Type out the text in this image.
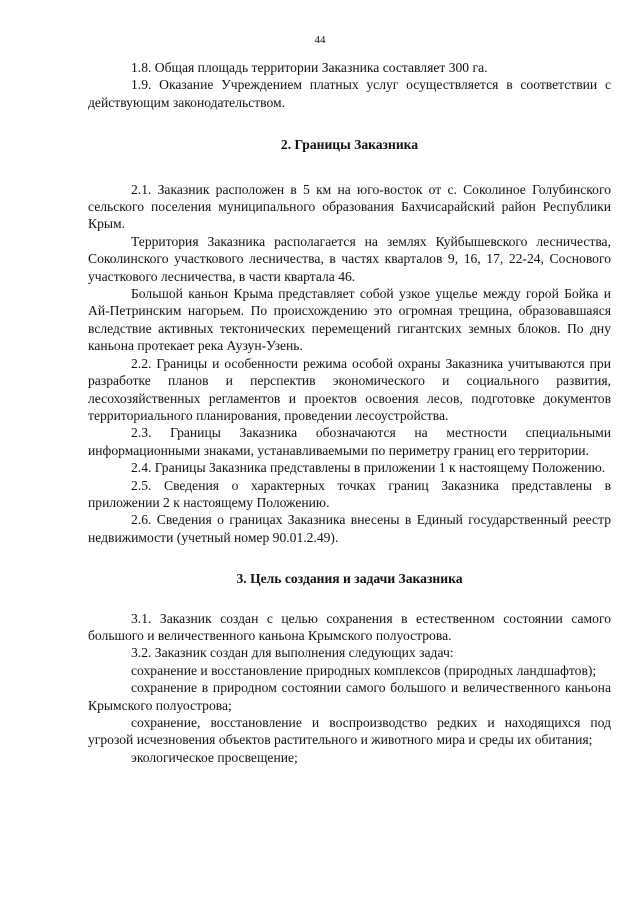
44

1.8. Общая площадь территории Заказника составляет 300 га.

1.9. Оказание Учреждением платных услуг осуществляется в соответствии с действующим законодательством.

2. Границы Заказника

2.1. Заказник расположен в 5 км на юго-восток от с. Соколиное Голубинского сельского поселения муниципального образования Бахчисарайский район Республики Крым.

Территория Заказника располагается на землях Куйбышевского лесничества, Соколинского участкового лесничества, в частях кварталов 9, 16, 17, 22-24, Соснового участкового лесничества, в части квартала 46.

Большой каньон Крыма представляет собой узкое ущелье между горой Бойка и Ай-Петринским нагорьем. По происхождению это огромная трещина, образовавшаяся вследствие активных тектонических перемещений гигантских земных блоков. По дну каньона протекает река Аузун-Узень.

2.2. Границы и особенности режима особой охраны Заказника учитываются при разработке планов и перспектив экономического и социального развития, лесохозяйственных регламентов и проектов освоения лесов, подготовке документов территориального планирования, проведении лесоустройства.

2.3. Границы Заказника обозначаются на местности специальными информационными знаками, устанавливаемыми по периметру границ его территории.

2.4. Границы Заказника представлены в приложении 1 к настоящему Положению.

2.5. Сведения о характерных точках границ Заказника представлены в приложении 2 к настоящему Положению.

2.6. Сведения о границах Заказника внесены в Единый государственный реестр недвижимости (учетный номер 90.01.2.49).

3. Цель создания и задачи Заказника

3.1. Заказник создан с целью сохранения в естественном состоянии самого большого и величественного каньона Крымского полуострова.

3.2. Заказник создан для выполнения следующих задач:

сохранение и восстановление природных комплексов (природных ландшафтов);

сохранение в природном состоянии самого большого и величественного каньона Крымского полуострова;

сохранение, восстановление и воспроизводство редких и находящихся под угрозой исчезновения объектов растительного и животного мира и среды их обитания;

экологическое просвещение;
